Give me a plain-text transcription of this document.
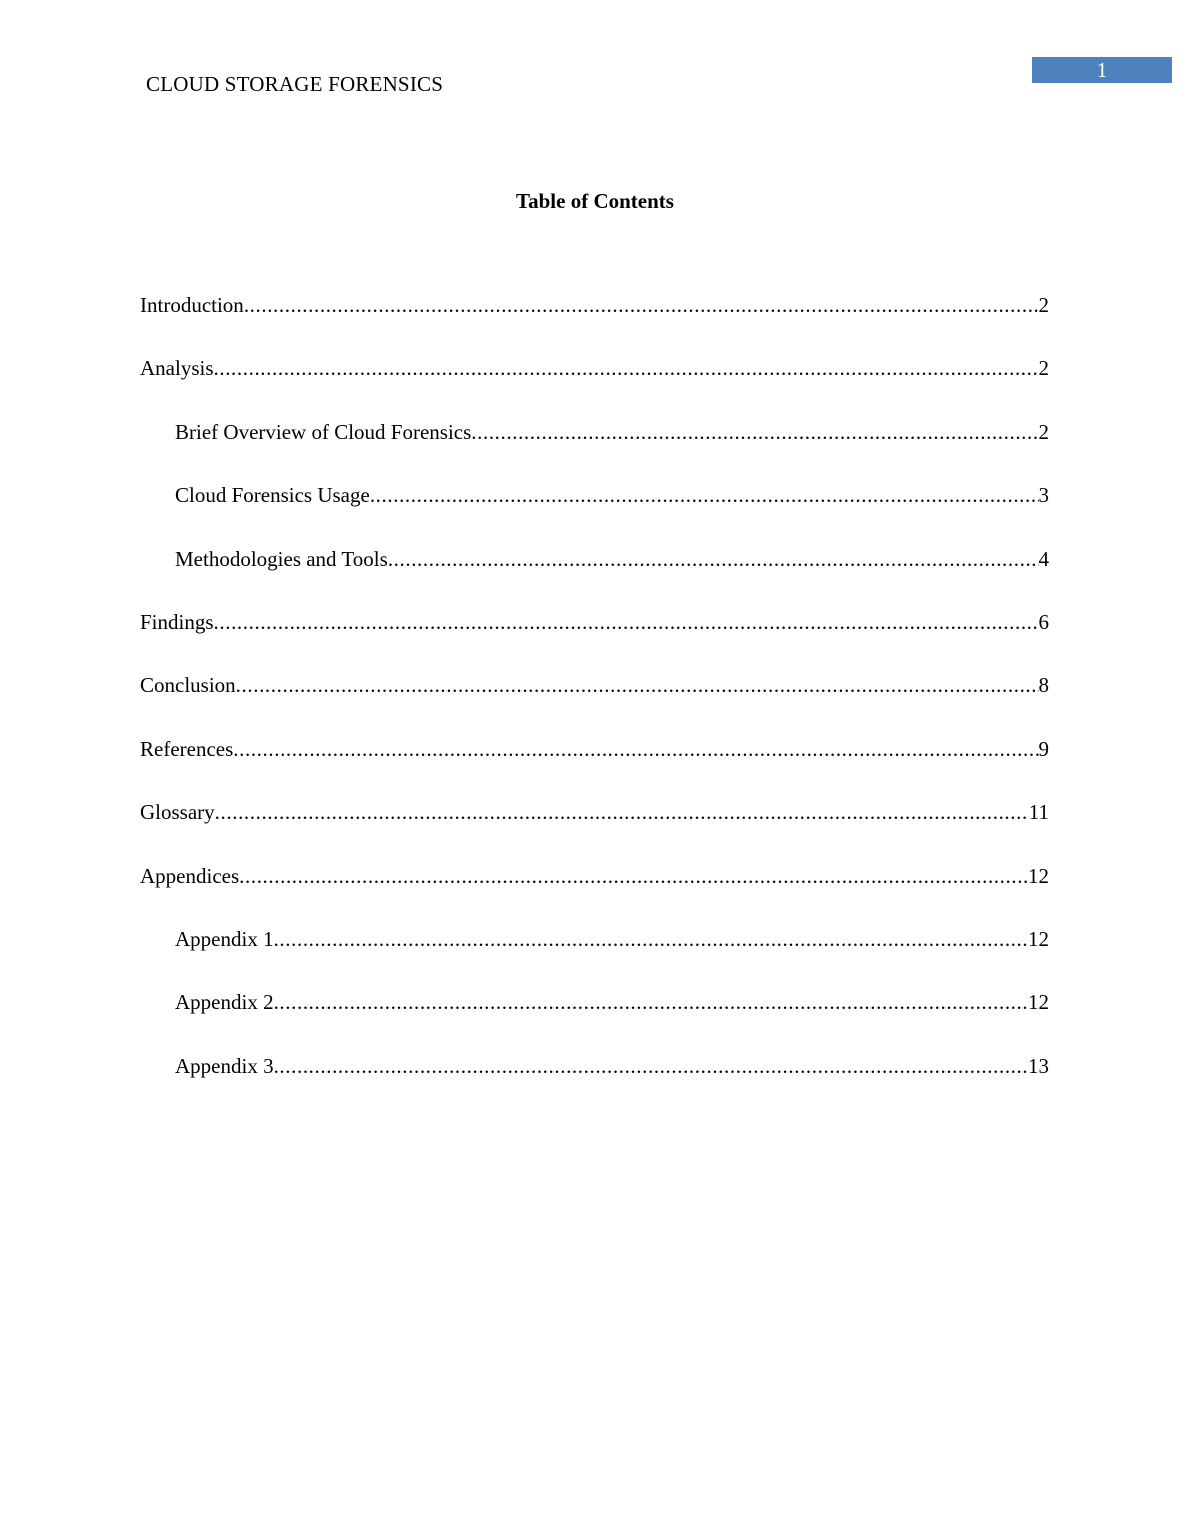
CLOUD STORAGE FORENSICS
1
Table of Contents
Introduction .....	2
Analysis .....	2
Brief Overview of Cloud Forensics .....	2
Cloud Forensics Usage .....	3
Methodologies and Tools .....	4
Findings .....	6
Conclusion .....	8
References .....	9
Glossary .....	11
Appendices .....	12
Appendix 1 .....	12
Appendix 2 .....	12
Appendix 3 .....	13
